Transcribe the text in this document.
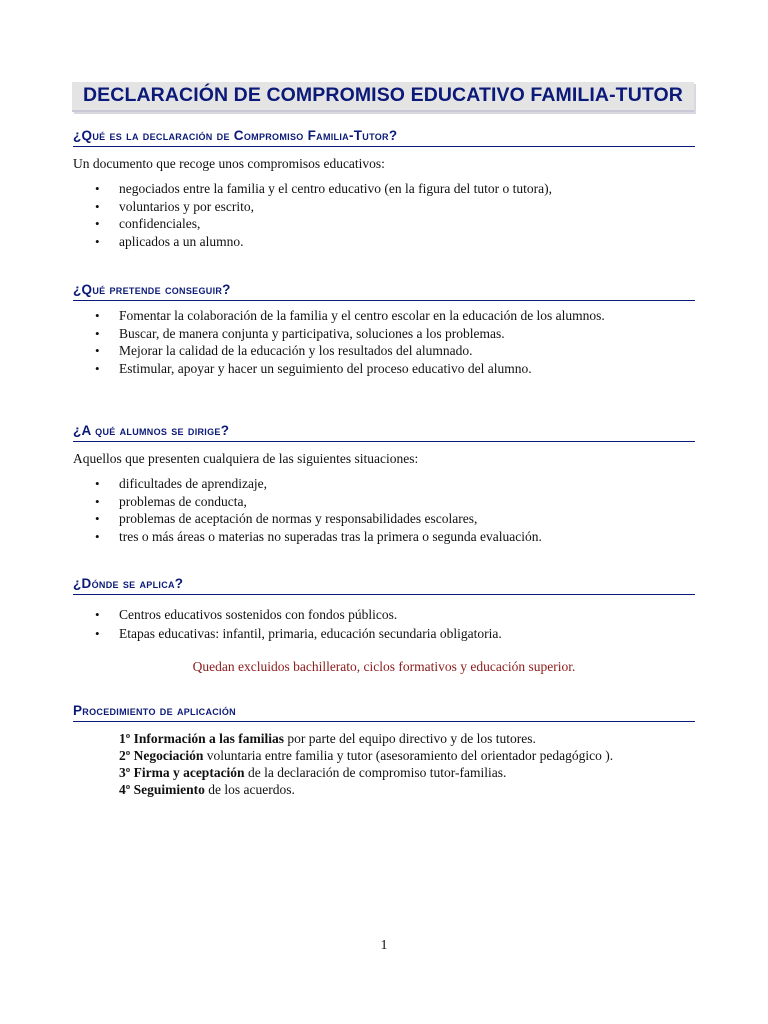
DECLARACIÓN DE COMPROMISO EDUCATIVO FAMILIA-TUTOR
¿Qué es la declaración de Compromiso Familia-Tutor?
Un documento que recoge unos compromisos educativos:
• negociados entre la familia y el centro educativo (en la figura del tutor o tutora),
• voluntarios y por escrito,
• confidenciales,
• aplicados a un alumno.
¿Qué pretende conseguir?
• Fomentar la colaboración de la familia y el centro escolar en la educación de los alumnos.
• Buscar, de manera conjunta y participativa, soluciones a los problemas.
• Mejorar la calidad de la educación y los resultados del alumnado.
• Estimular, apoyar y hacer un seguimiento del proceso educativo del alumno.
¿A qué alumnos se dirige?
Aquellos que presenten cualquiera de las siguientes situaciones:
• dificultades de aprendizaje,
• problemas de conducta,
• problemas de aceptación de normas y responsabilidades escolares,
• tres o más áreas o materias no superadas tras la primera o segunda evaluación.
¿Dónde se aplica?
• Centros educativos sostenidos con fondos públicos.
• Etapas educativas: infantil, primaria, educación secundaria obligatoria.
Quedan excluidos bachillerato, ciclos formativos y educación superior.
Procedimiento de aplicación
1º Información a las familias por parte del equipo directivo y de los tutores.
2º Negociación voluntaria entre familia y tutor (asesoramiento del orientador pedagógico ).
3º Firma y aceptación de la declaración de compromiso tutor-familias.
4º Seguimiento de los acuerdos.
1
